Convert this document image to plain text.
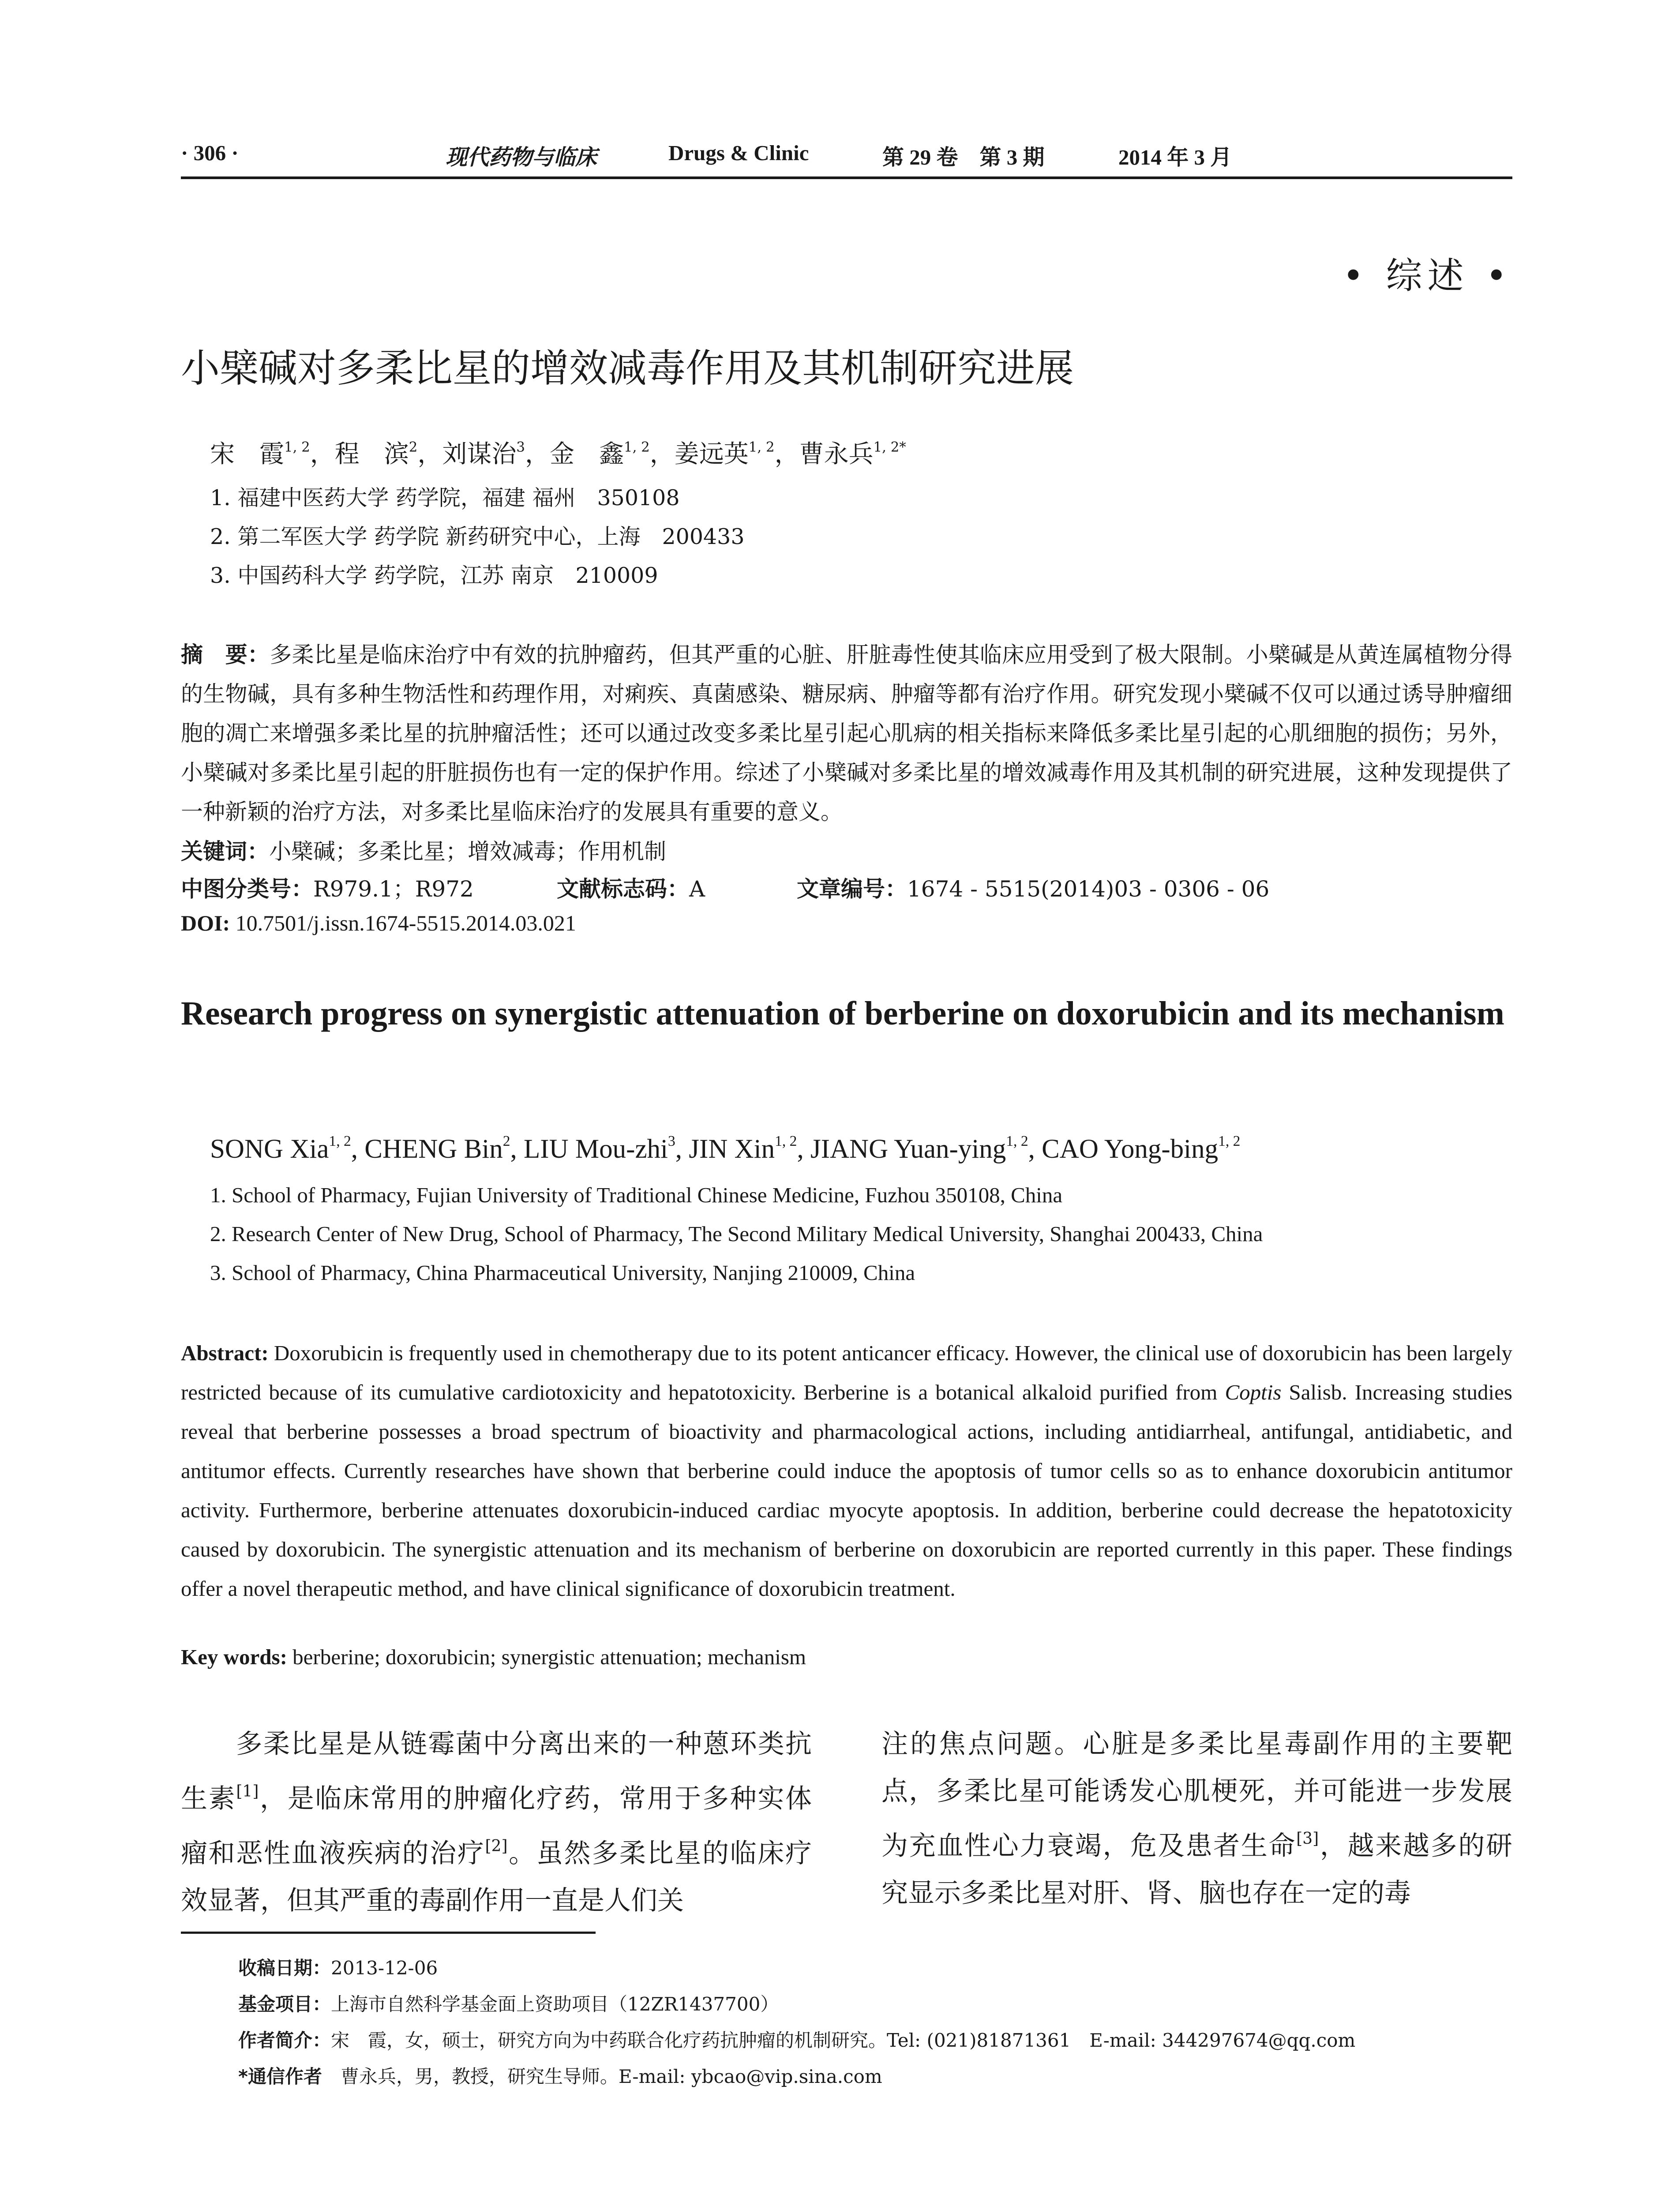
· 306 ·	现代药物与临床	Drugs & Clinic	第 29 卷　第 3 期	2014 年 3 月
• 综述 •
小檗碱对多柔比星的增效减毒作用及其机制研究进展
宋　霞$^{1, 2}$，程　滨$^2$，刘谋治$^3$，金　鑫$^{1, 2}$，姜远英$^{1, 2}$，曹永兵$^{1, 2*}$
1. 福建中医药大学 药学院，福建 福州　350108
2. 第二军医大学 药学院 新药研究中心，上海　200433
3. 中国药科大学 药学院，江苏 南京　210009
摘　要：多柔比星是临床治疗中有效的抗肿瘤药，但其严重的心脏、肝脏毒性使其临床应用受到了极大限制。小檗碱是从黄连属植物分得的生物碱，具有多种生物活性和药理作用，对痢疾、真菌感染、糖尿病、肿瘤等都有治疗作用。研究发现小檗碱不仅可以通过诱导肿瘤细胞的凋亡来增强多柔比星的抗肿瘤活性；还可以通过改变多柔比星引起心肌病的相关指标来降低多柔比星引起的心肌细胞的损伤；另外，小檗碱对多柔比星引起的肝脏损伤也有一定的保护作用。综述了小檗碱对多柔比星的增效减毒作用及其机制的研究进展，这种发现提供了一种新颖的治疗方法，对多柔比星临床治疗的发展具有重要的意义。
关键词：小檗碱；多柔比星；增效减毒；作用机制
中图分类号：R979.1；R972	文献标志码：A	文章编号：1674 - 5515(2014)03 - 0306 - 06
DOI: 10.7501/j.issn.1674-5515.2014.03.021
Research progress on synergistic attenuation of berberine on doxorubicin and its mechanism
SONG Xia$^{1, 2}$, CHENG Bin$^2$, LIU Mou-zhi$^3$, JIN Xin$^{1, 2}$, JIANG Yuan-ying$^{1, 2}$, CAO Yong-bing$^{1, 2}$
1. School of Pharmacy, Fujian University of Traditional Chinese Medicine, Fuzhou 350108, China
2. Research Center of New Drug, School of Pharmacy, The Second Military Medical University, Shanghai 200433, China
3. School of Pharmacy, China Pharmaceutical University, Nanjing 210009, China
Abstract: Doxorubicin is frequently used in chemotherapy due to its potent anticancer efficacy. However, the clinical use of doxorubicin has been largely restricted because of its cumulative cardiotoxicity and hepatotoxicity. Berberine is a botanical alkaloid purified from Coptis Salisb. Increasing studies reveal that berberine possesses a broad spectrum of bioactivity and pharmacological actions, including antidiarrheal, antifungal, antidiabetic, and antitumor effects. Currently researches have shown that berberine could induce the apoptosis of tumor cells so as to enhance doxorubicin antitumor activity. Furthermore, berberine attenuates doxorubicin-induced cardiac myocyte apoptosis. In addition, berberine could decrease the hepatotoxicity caused by doxorubicin. The synergistic attenuation and its mechanism of berberine on doxorubicin are reported currently in this paper. These findings offer a novel therapeutic method, and have clinical significance of doxorubicin treatment.
Key words: berberine; doxorubicin; synergistic attenuation; mechanism
　　多柔比星是从链霉菌中分离出来的一种蒽环类抗生素[1]，是临床常用的肿瘤化疗药，常用于多种实体瘤和恶性血液疾病的治疗[2]。虽然多柔比星的临床疗效显著，但其严重的毒副作用一直是人们关
注的焦点问题。心脏是多柔比星毒副作用的主要靶点，多柔比星可能诱发心肌梗死，并可能进一步发展为充血性心力衰竭，危及患者生命[3]，越来越多的研究显示多柔比星对肝、肾、脑也存在一定的毒
收稿日期：2013-12-06
基金项目：上海市自然科学基金面上资助项目（12ZR1437700）
作者简介：宋　霞，女，硕士，研究方向为中药联合化疗药抗肿瘤的机制研究。Tel: (021)81871361　E-mail: 344297674@qq.com
*通信作者　曹永兵，男，教授，研究生导师。E-mail: ybcao@vip.sina.com
